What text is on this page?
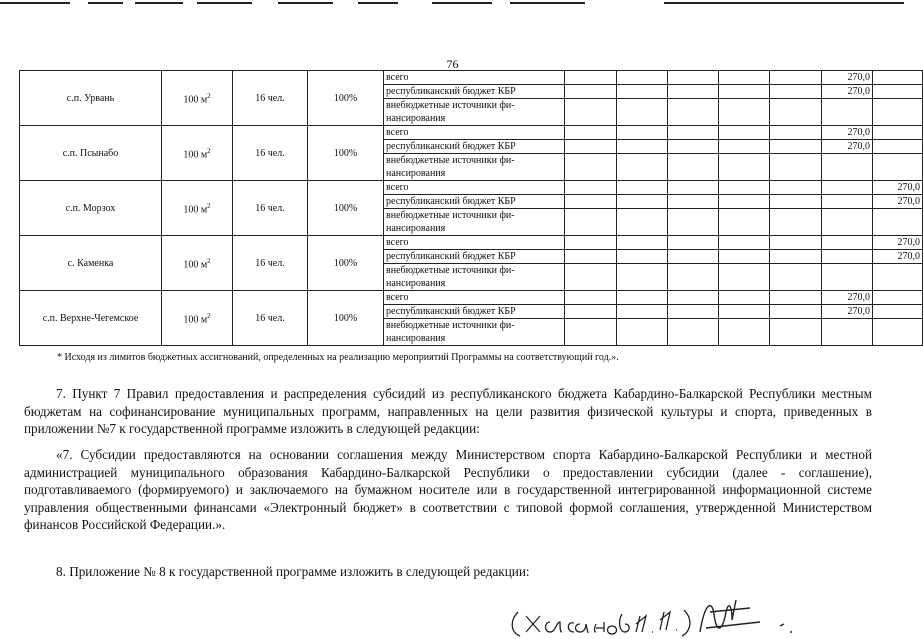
76
с.п. Урвань	100 $м^2$	16 чел.	100%	всего						270,0	
				республиканский бюджет КБР						270,0	
				внебюджетные источники фи-нансирования							
с.п. Псынабо	100 $м^2$	16 чел.	100%	всего						270,0	
				республиканский бюджет КБР						270,0	
				внебюджетные источники фи-нансирования							
с.п. Морзох	100 $м^2$	16 чел.	100%	всего							270,0
				республиканский бюджет КБР							270,0
				внебюджетные источники фи-нансирования							
с. Каменка	100 $м^2$	16 чел.	100%	всего							270,0
				республиканский бюджет КБР							270,0
				внебюджетные источники фи-нансирования							
с.п. Верхне-Чегемское	100 $м^2$	16 чел.	100%	всего						270,0	
				республиканский бюджет КБР						270,0	
				внебюджетные источники фи-нансирования							
* Исходя из лимитов бюджетных ассигнований, определенных на реализацию мероприятий Программы на соответствующий год.».
7. Пункт 7 Правил предоставления и распределения субсидий из республиканского бюджета Кабардино-Балкарской Республики местным бюджетам на софинансирование муниципальных программ, направленных на цели развития физической культуры и спорта, приведенных в приложении №7 к государственной программе изложить в следующей редакции:
«7. Субсидии предоставляются на основании соглашения между Министерством спорта Кабардино-Балкарской Республики и местной администрацией муниципального образования Кабардино-Балкарской Республики о предоставлении субсидии (далее - соглашение), подготавливаемого (формируемого) и заключаемого на бумажном носителе или в государственной интегрированной информационной системе управления общественными финансами «Электронный бюджет» в соответствии с типовой формой соглашения, утвержденной Министерством финансов Российской Федерации.».
8. Приложение № 8 к государственной программе изложить в следующей редакции:
